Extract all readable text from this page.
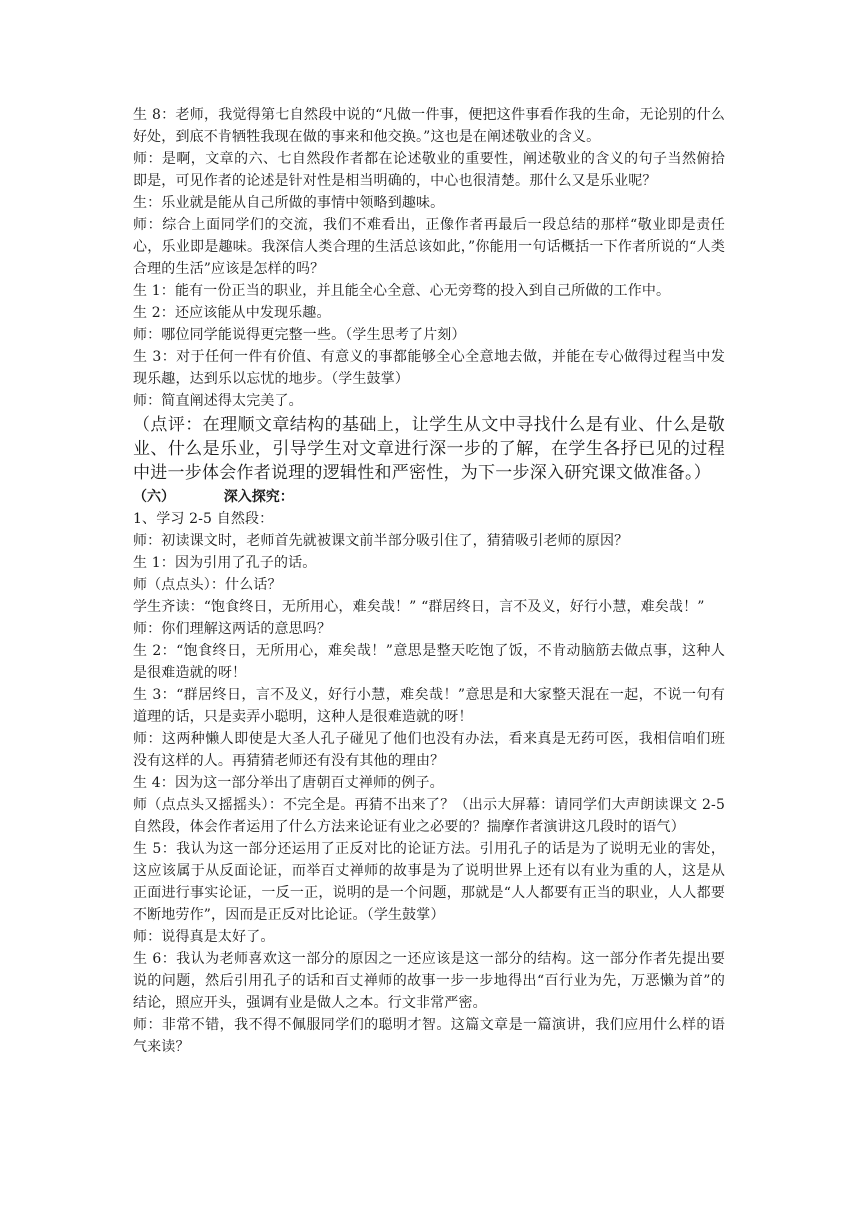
生 8：老师，我觉得第七自然段中说的“凡做一件事，便把这件事看作我的生命，无论别的什么好处，到底不肯牺牲我现在做的事来和他交换。”这也是在阐述敬业的含义。

师：是啊，文章的六、七自然段作者都在论述敬业的重要性，阐述敬业的含义的句子当然俯拾即是，可见作者的论述是针对性是相当明确的，中心也很清楚。那什么又是乐业呢？

生：乐业就是能从自己所做的事情中领略到趣味。

师：综合上面同学们的交流，我们不难看出，正像作者再最后一段总结的那样“敬业即是责任心，乐业即是趣味。我深信人类合理的生活总该如此，”你能用一句话概括一下作者所说的“人类合理的生活”应该是怎样的吗？

生 1：能有一份正当的职业，并且能全心全意、心无旁骛的投入到自己所做的工作中。

生 2：还应该能从中发现乐趣。

师：哪位同学能说得更完整一些。（学生思考了片刻）

生 3：对于任何一件有价值、有意义的事都能够全心全意地去做，并能在专心做得过程当中发现乐趣，达到乐以忘忧的地步。（学生鼓掌）

师：简直阐述得太完美了。

（点评：在理顺文章结构的基础上，让学生从文中寻找什么是有业、什么是敬业、什么是乐业，引导学生对文章进行深一步的了解，在学生各抒已见的过程中进一步体会作者说理的逻辑性和严密性，为下一步深入研究课文做准备。）

（六）          深入探究：

1、学习 2-5 自然段：

师：初读课文时，老师首先就被课文前半部分吸引住了，猜猜吸引老师的原因？

生 1：因为引用了孔子的话。

师（点点头）：什么话？

学生齐读：“饱食终日，无所用心，难矣哉！” “群居终日，言不及义，好行小慧，难矣哉！”

师：你们理解这两话的意思吗？

生 2：“饱食终日，无所用心，难矣哉！”意思是整天吃饱了饭，不肯动脑筋去做点事，这种人是很难造就的呀！

生 3：“群居终日，言不及义，好行小慧，难矣哉！”意思是和大家整天混在一起，不说一句有道理的话，只是卖弄小聪明，这种人是很难造就的呀！

师：这两种懒人即使是大圣人孔子碰见了他们也没有办法，看来真是无药可医，我相信咱们班没有这样的人。再猜猜老师还有没有其他的理由？

生 4：因为这一部分举出了唐朝百丈禅师的例子。

师（点点头又摇摇头）：不完全是。再猜不出来了？（出示大屏幕：请同学们大声朗读课文 2-5 自然段，体会作者运用了什么方法来论证有业之必要的？揣摩作者演讲这几段时的语气）

生 5：我认为这一部分还运用了正反对比的论证方法。引用孔子的话是为了说明无业的害处，这应该属于从反面论证，而举百丈禅师的故事是为了说明世界上还有以有业为重的人，这是从正面进行事实论证，一反一正，说明的是一个问题，那就是“人人都要有正当的职业，人人都要不断地劳作”，因而是正反对比论证。（学生鼓掌）

师：说得真是太好了。

生 6：我认为老师喜欢这一部分的原因之一还应该是这一部分的结构。这一部分作者先提出要说的问题，然后引用孔子的话和百丈禅师的故事一步一步地得出“百行业为先，万恶懒为首”的结论，照应开头，强调有业是做人之本。行文非常严密。

师：非常不错，我不得不佩服同学们的聪明才智。这篇文章是一篇演讲，我们应用什么样的语气来读？
